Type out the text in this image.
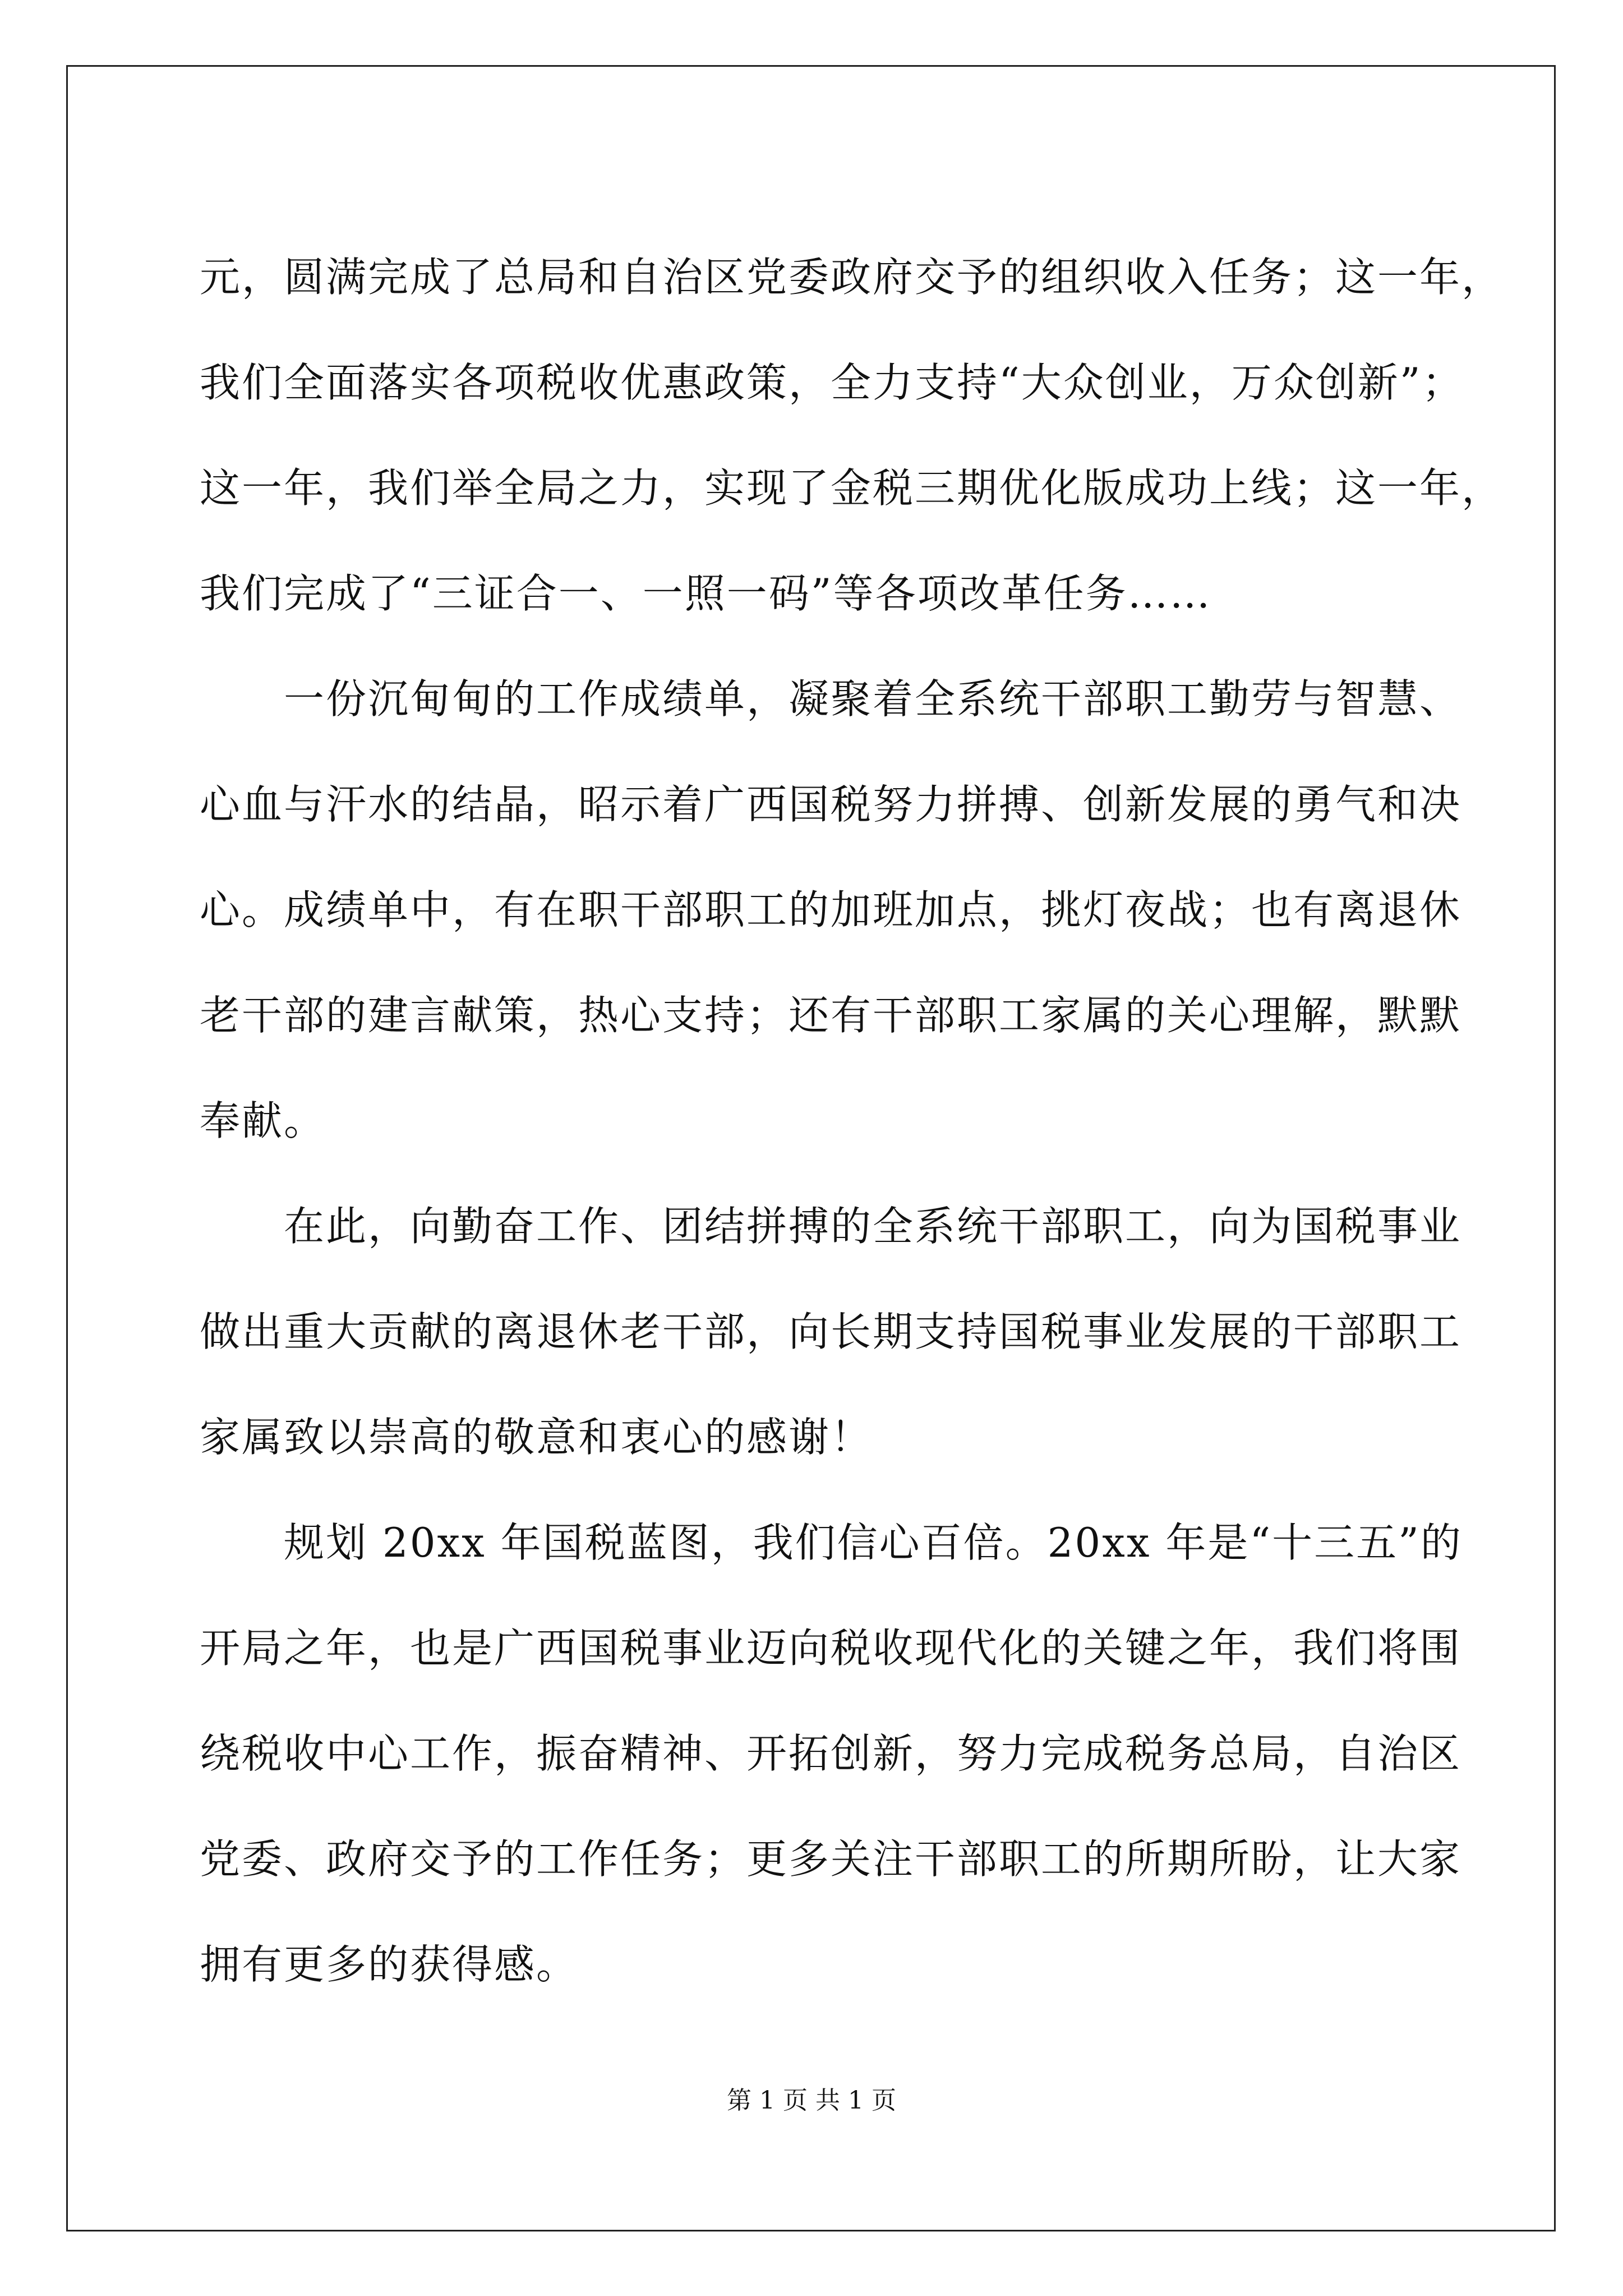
元，圆满完成了总局和自治区党委政府交予的组织收入任务；这一年，
我们全面落实各项税收优惠政策，全力支持“大众创业，万众创新”；
这一年，我们举全局之力，实现了金税三期优化版成功上线；这一年，
我们完成了“三证合一、一照一码”等各项改革任务……
一份沉甸甸的工作成绩单，凝聚着全系统干部职工勤劳与智慧、
心血与汗水的结晶，昭示着广西国税努力拼搏、创新发展的勇气和决
心。成绩单中，有在职干部职工的加班加点，挑灯夜战；也有离退休
老干部的建言献策，热心支持；还有干部职工家属的关心理解，默默
奉献。
在此，向勤奋工作、团结拼搏的全系统干部职工，向为国税事业
做出重大贡献的离退休老干部，向长期支持国税事业发展的干部职工
家属致以崇高的敬意和衷心的感谢！
规划 20xx 年国税蓝图，我们信心百倍。20xx 年是“十三五”的
开局之年，也是广西国税事业迈向税收现代化的关键之年，我们将围
绕税收中心工作，振奋精神、开拓创新，努力完成税务总局，自治区
党委、政府交予的工作任务；更多关注干部职工的所期所盼，让大家
拥有更多的获得感。
第 1 页 共 1 页
